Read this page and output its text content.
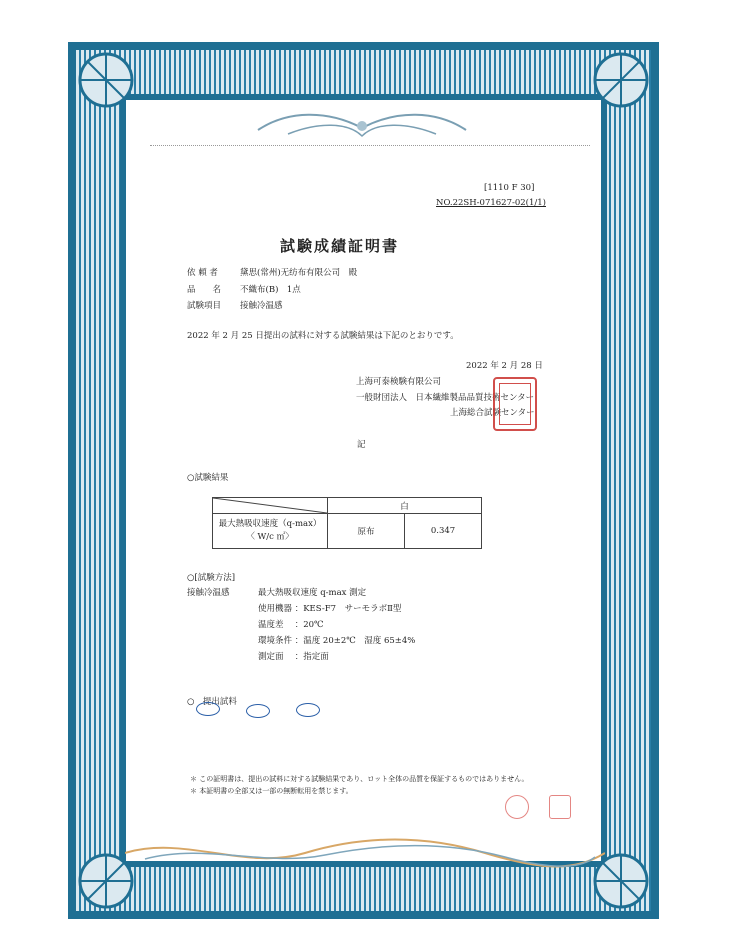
[1110 F 30]
NO.22SH-071627-02(1/1)
試験成績証明書
依 頼 者	黛思(常州)无纺布有限公司　殿
品　　名 不織布(B)　1点
試験項目 接触冷温感
2022 年 2 月 25 日提出の試料に対する試験結果は下記のとおりです。
2022 年 2 月 28 日
上海可泰検験有限公司
一般財団法人　日本繊維製品品質技術センター
上海総合試験センター
記
○試験結果
	白	

最大熱吸収速度（q-max）
〈 W/c ㎡〉	原布	0.347
○[試験方法]
接触冷温感	最大熱吸収速度 q-max 測定
使用機器 ：KES-F7　サーモラボⅡ型
温度差　 ：20℃
環境条件 ：温度 20±2℃　湿度 65±4%
測定面　 ：指定面
○　提出試料
＊ この証明書は、提出の試料に対する試験結果であり、ロット全体の品質を保証するものではありません。
＊ 本証明書の全部又は一部の無断転用を禁じます。
